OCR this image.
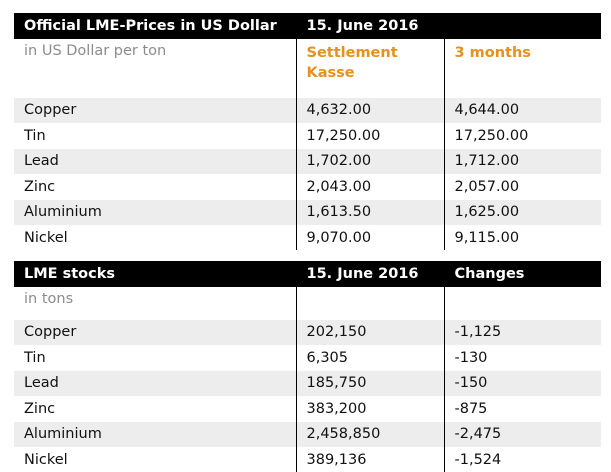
Official LME-Prices in US Dollar	15. June 2016	
in US Dollar per ton	Settlement Kasse	3 months
Copper	4,632.00	4,644.00
Tin	17,250.00	17,250.00
Lead	1,702.00	1,712.00
Zinc	2,043.00	2,057.00
Aluminium	1,613.50	1,625.00
Nickel	9,070.00	9,115.00
LME stocks	15. June 2016	Changes
in tons		
Copper	202,150	-1,125
Tin	6,305	-130
Lead	185,750	-150
Zinc	383,200	-875
Aluminium	2,458,850	-2,475
Nickel	389,136	-1,524
